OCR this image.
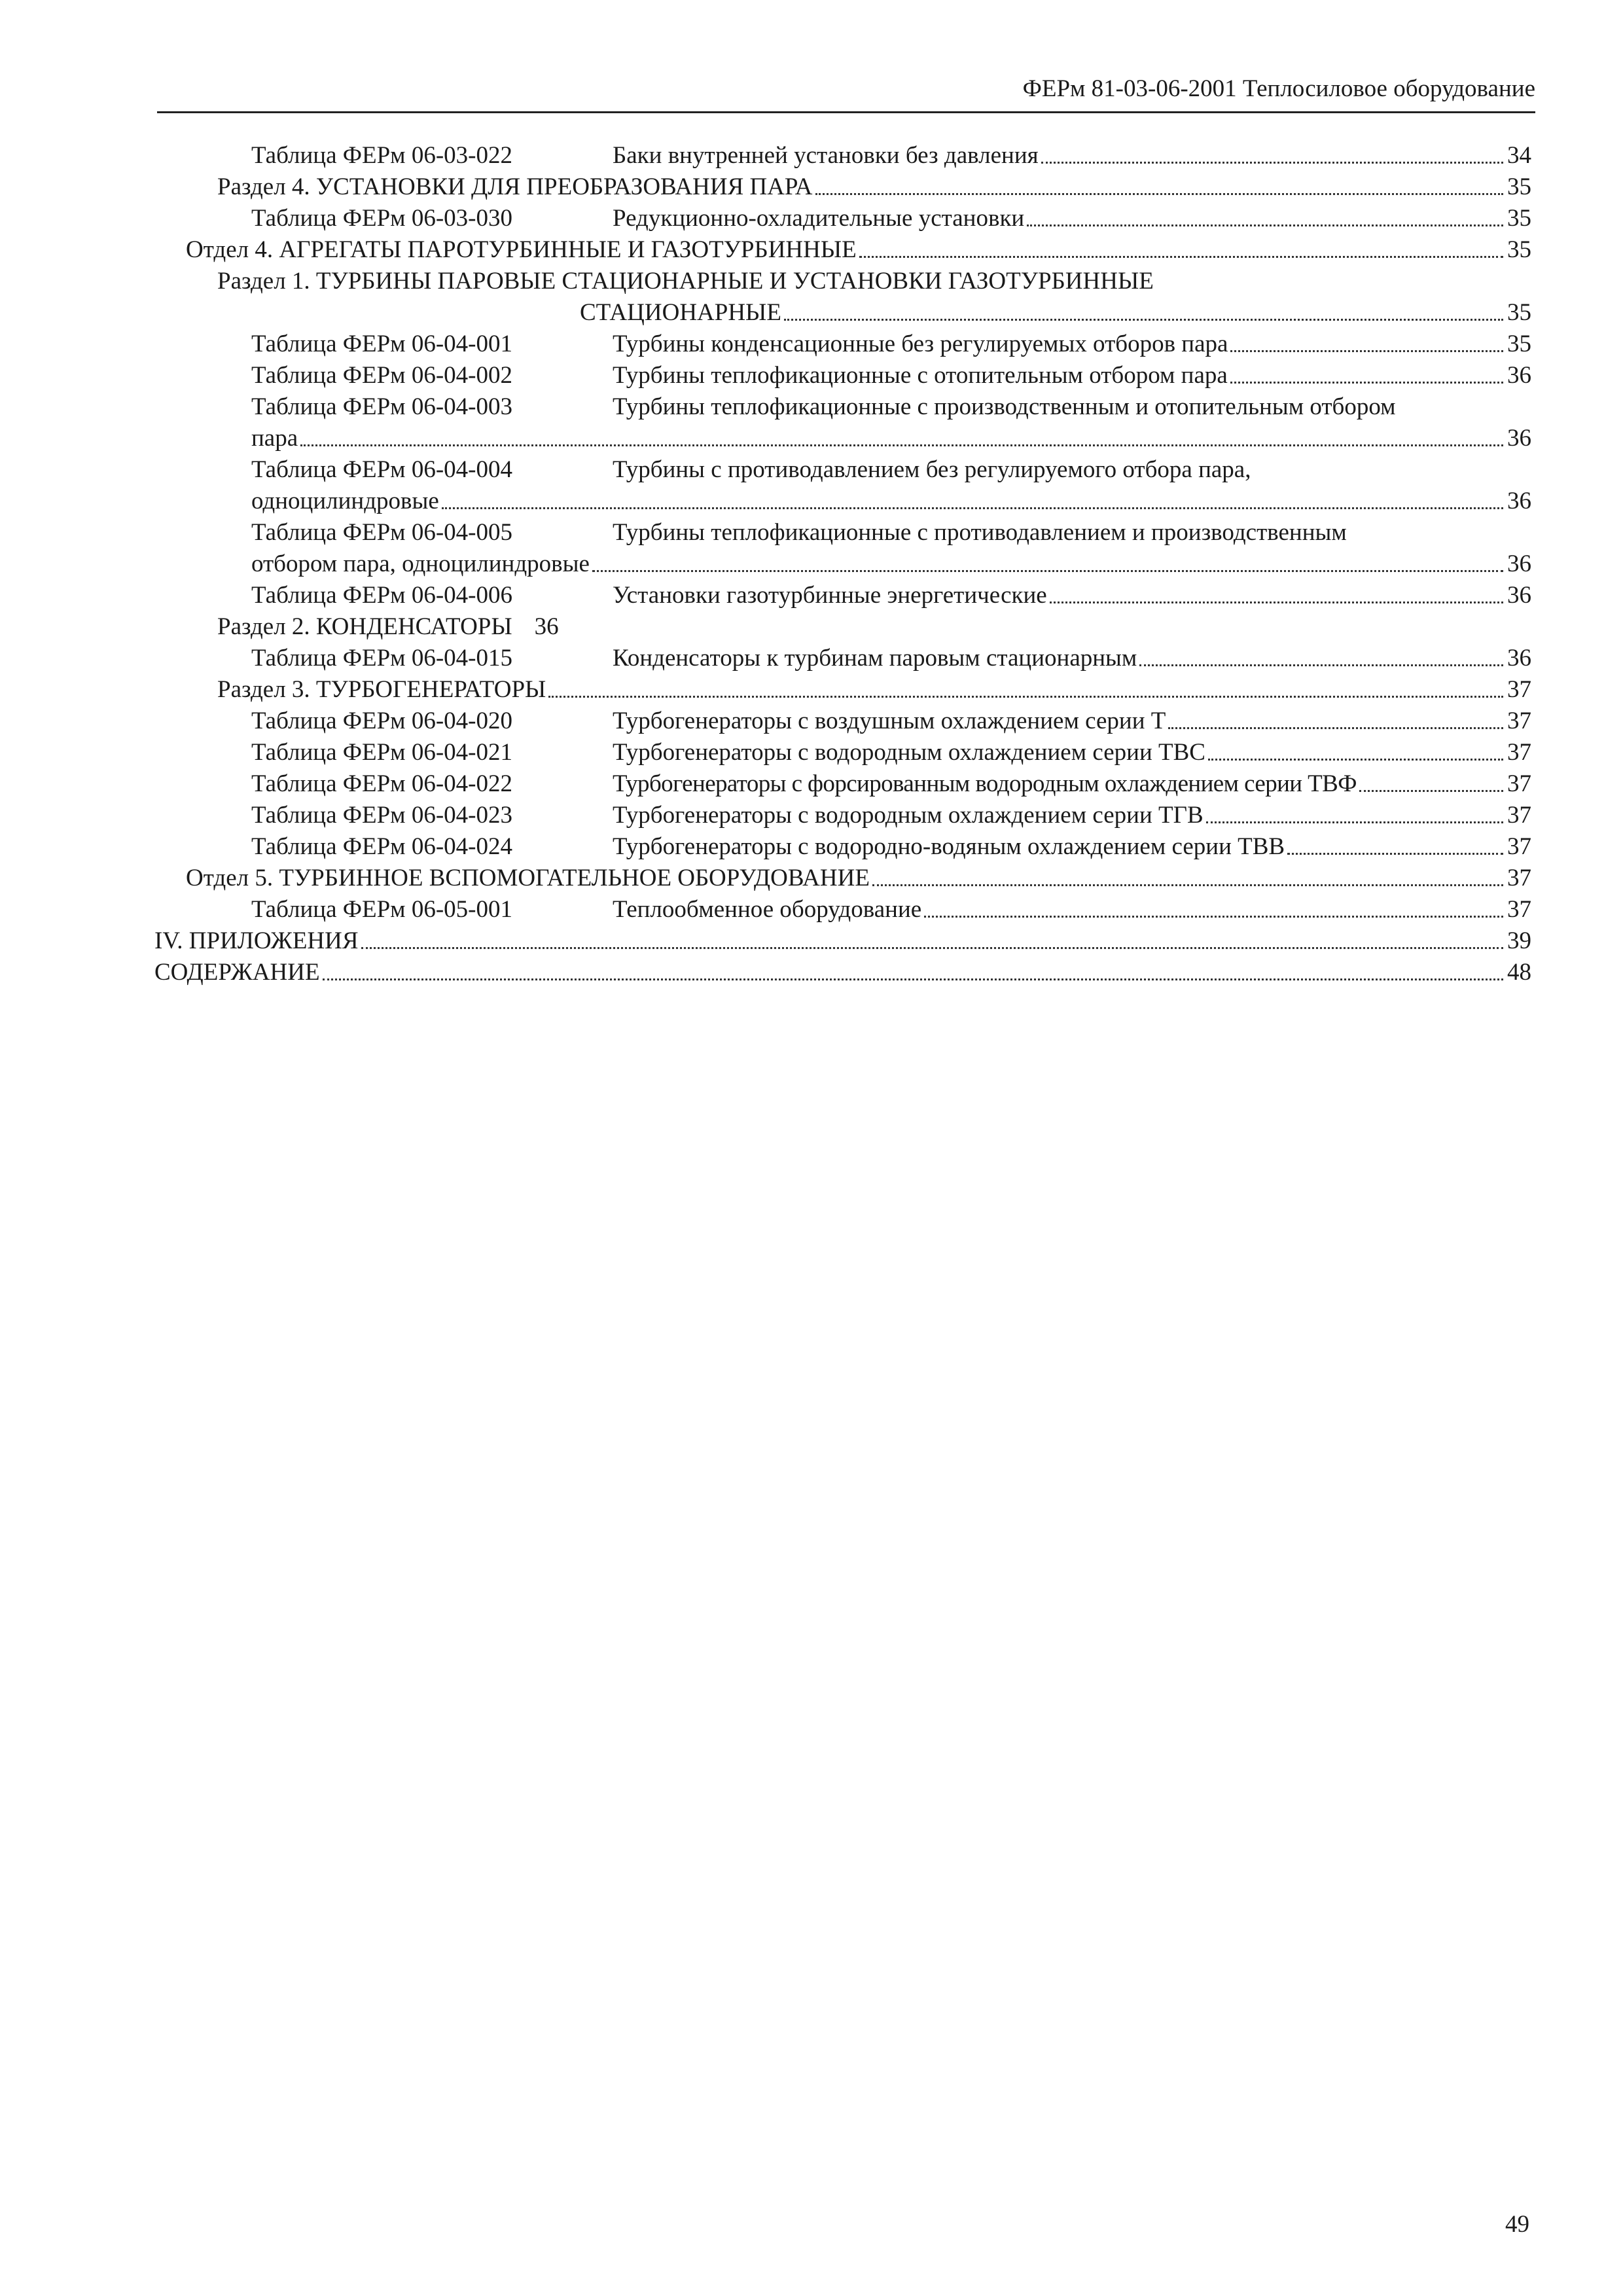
ФЕРм 81-03-06-2001 Теплосиловое оборудование
Таблица ФЕРм 06-03-022	Баки внутренней установки без давления	34
Раздел 4. УСТАНОВКИ ДЛЯ ПРЕОБРАЗОВАНИЯ ПАРА	35
Таблица ФЕРм 06-03-030	Редукционно-охладительные установки	35
Отдел 4. АГРЕГАТЫ ПАРОТУРБИННЫЕ И ГАЗОТУРБИННЫЕ	35
Раздел 1. ТУРБИНЫ ПАРОВЫЕ СТАЦИОНАРНЫЕ И УСТАНОВКИ ГАЗОТУРБИННЫЕ
СТАЦИОНАРНЫЕ	35
Таблица ФЕРм 06-04-001	Турбины конденсационные без регулируемых отборов пара	35
Таблица ФЕРм 06-04-002	Турбины теплофикационные с отопительным отбором пара	36
Таблица ФЕРм 06-04-003	Турбины теплофикационные с производственным и отопительным отбором
пара	36
Таблица ФЕРм 06-04-004	Турбины с противодавлением без регулируемого отбора пара,
одноцилиндровые	36
Таблица ФЕРм 06-04-005	Турбины теплофикационные с противодавлением и производственным
отбором пара, одноцилиндровые	36
Таблица ФЕРм 06-04-006	Установки газотурбинные энергетические	36
Раздел 2. КОНДЕНСАТОРЫ 36
Таблица ФЕРм 06-04-015	Конденсаторы к турбинам паровым стационарным	36
Раздел 3. ТУРБОГЕНЕРАТОРЫ	37
Таблица ФЕРм 06-04-020	Турбогенераторы с воздушным охлаждением серии Т	37
Таблица ФЕРм 06-04-021	Турбогенераторы с водородным охлаждением серии ТВС	37
Таблица ФЕРм 06-04-022	Турбогенераторы с форсированным водородным охлаждением серии ТВФ	37
Таблица ФЕРм 06-04-023	Турбогенераторы с водородным охлаждением серии ТГВ	37
Таблица ФЕРм 06-04-024	Турбогенераторы с водородно-водяным охлаждением серии ТВВ	37
Отдел 5. ТУРБИННОЕ ВСПОМОГАТЕЛЬНОЕ ОБОРУДОВАНИЕ	37
Таблица ФЕРм 06-05-001	Теплообменное оборудование	37
IV. ПРИЛОЖЕНИЯ	39
СОДЕРЖАНИЕ	48
49
